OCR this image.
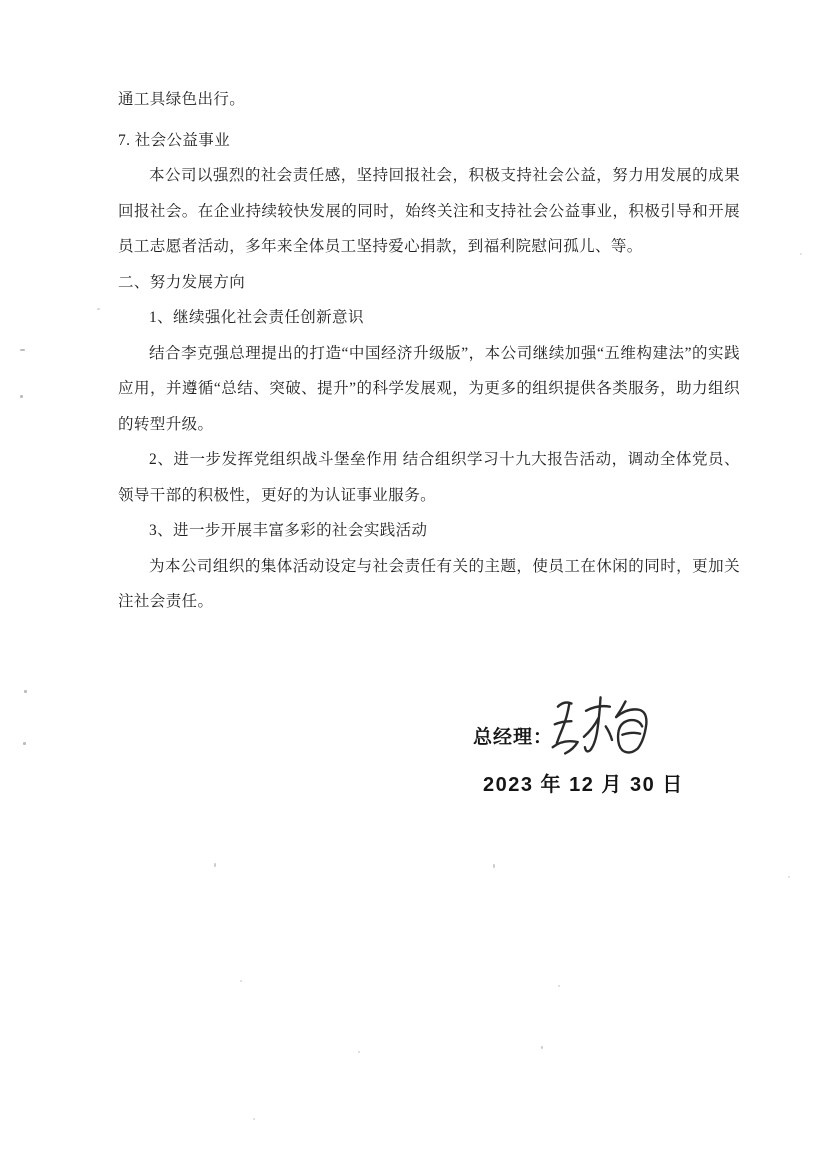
通工具绿色出行。

7. 社会公益事业

本公司以强烈的社会责任感，坚持回报社会，积极支持社会公益，努力用发展的成果回报社会。在企业持续较快发展的同时，始终关注和支持社会公益事业，积极引导和开展员工志愿者活动，多年来全体员工坚持爱心捐款，到福利院慰问孤儿、等。

二、努力发展方向

1、继续强化社会责任创新意识

结合李克强总理提出的打造“中国经济升级版”，本公司继续加强“五维构建法”的实践应用，并遵循“总结、突破、提升”的科学发展观，为更多的组织提供各类服务，助力组织的转型升级。

2、进一步发挥党组织战斗堡垒作用 结合组织学习十九大报告活动，调动全体党员、领导干部的积极性，更好的为认证事业服务。

3、进一步开展丰富多彩的社会实践活动

为本公司组织的集体活动设定与社会责任有关的主题，使员工在休闲的同时，更加关注社会责任。

总经理：
2023 年 12 月 30 日
